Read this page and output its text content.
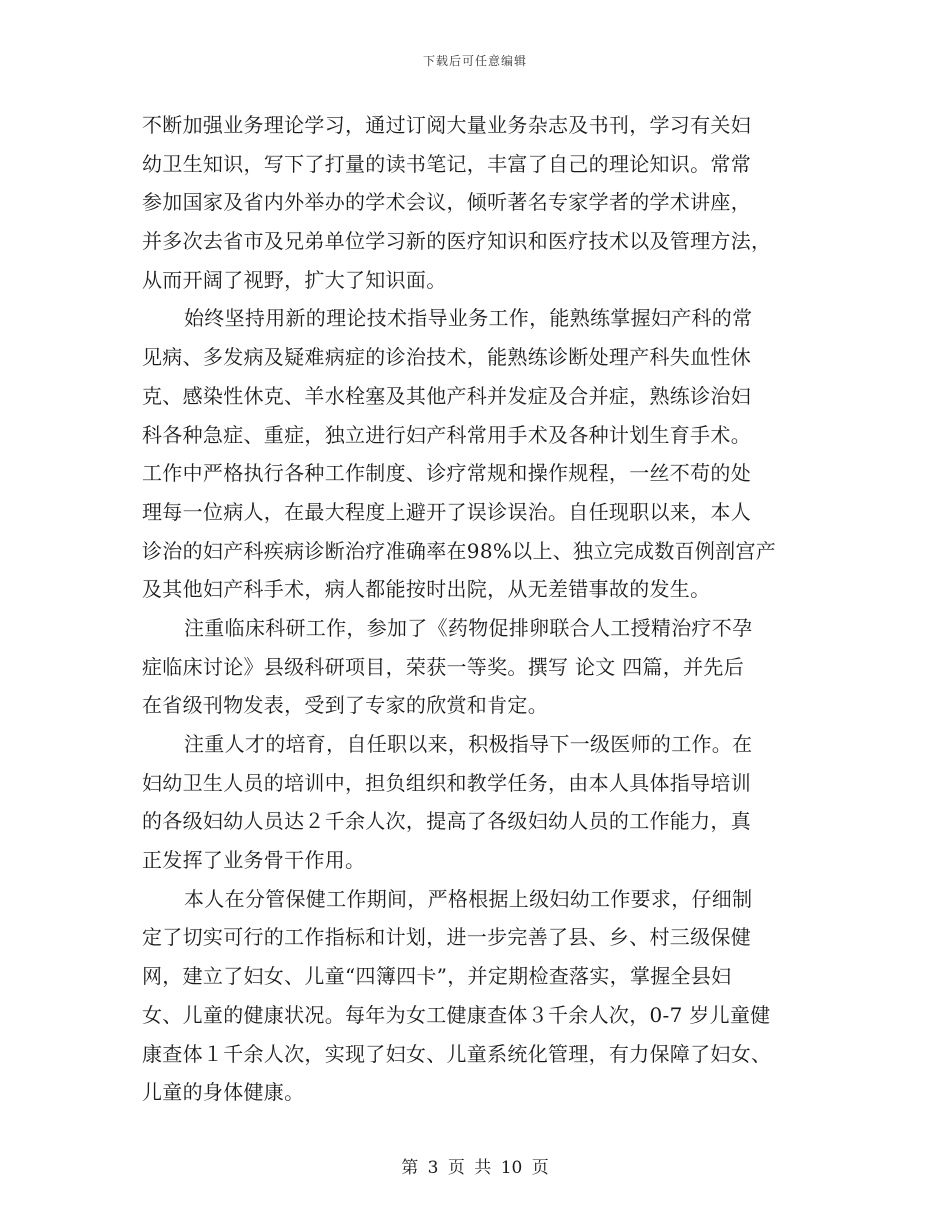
下载后可任意编辑
不断加强业务理论学习，通过订阅大量业务杂志及书刊，学习有关妇
幼卫生知识，写下了打量的读书笔记，丰富了自己的理论知识。常常
参加国家及省内外举办的学术会议，倾听著名专家学者的学术讲座，
并多次去省市及兄弟单位学习新的医疗知识和医疗技术以及管理方法，
从而开阔了视野，扩大了知识面。
始终坚持用新的理论技术指导业务工作，能熟练掌握妇产科的常
见病、多发病及疑难病症的诊治技术，能熟练诊断处理产科失血性休
克、感染性休克、羊水栓塞及其他产科并发症及合并症，熟练诊治妇
科各种急症、重症，独立进行妇产科常用手术及各种计划生育手术。
工作中严格执行各种工作制度、诊疗常规和操作规程，一丝不苟的处
理每一位病人，在最大程度上避开了误诊误治。自任现职以来，本人
诊治的妇产科疾病诊断治疗准确率在98%以上、独立完成数百例剖宫产
及其他妇产科手术，病人都能按时出院，从无差错事故的发生。
注重临床科研工作，参加了《药物促排卵联合人工授精治疗不孕
症临床讨论》县级科研项目，荣获一等奖。撰写 论文 四篇，并先后
在省级刊物发表，受到了专家的欣赏和肯定。
注重人才的培育，自任职以来，积极指导下一级医师的工作。在
妇幼卫生人员的培训中，担负组织和教学任务，由本人具体指导培训
的各级妇幼人员达２千余人次，提高了各级妇幼人员的工作能力，真
正发挥了业务骨干作用。
本人在分管保健工作期间，严格根据上级妇幼工作要求，仔细制
定了切实可行的工作指标和计划，进一步完善了县、乡、村三级保健
网，建立了妇女、儿童“四簿四卡”，并定期检查落实，掌握全县妇
女、儿童的健康状况。每年为女工健康查体３千余人次，0-7 岁儿童健
康查体１千余人次，实现了妇女、儿童系统化管理，有力保障了妇女、
儿童的身体健康。
第 3 页 共 10 页
